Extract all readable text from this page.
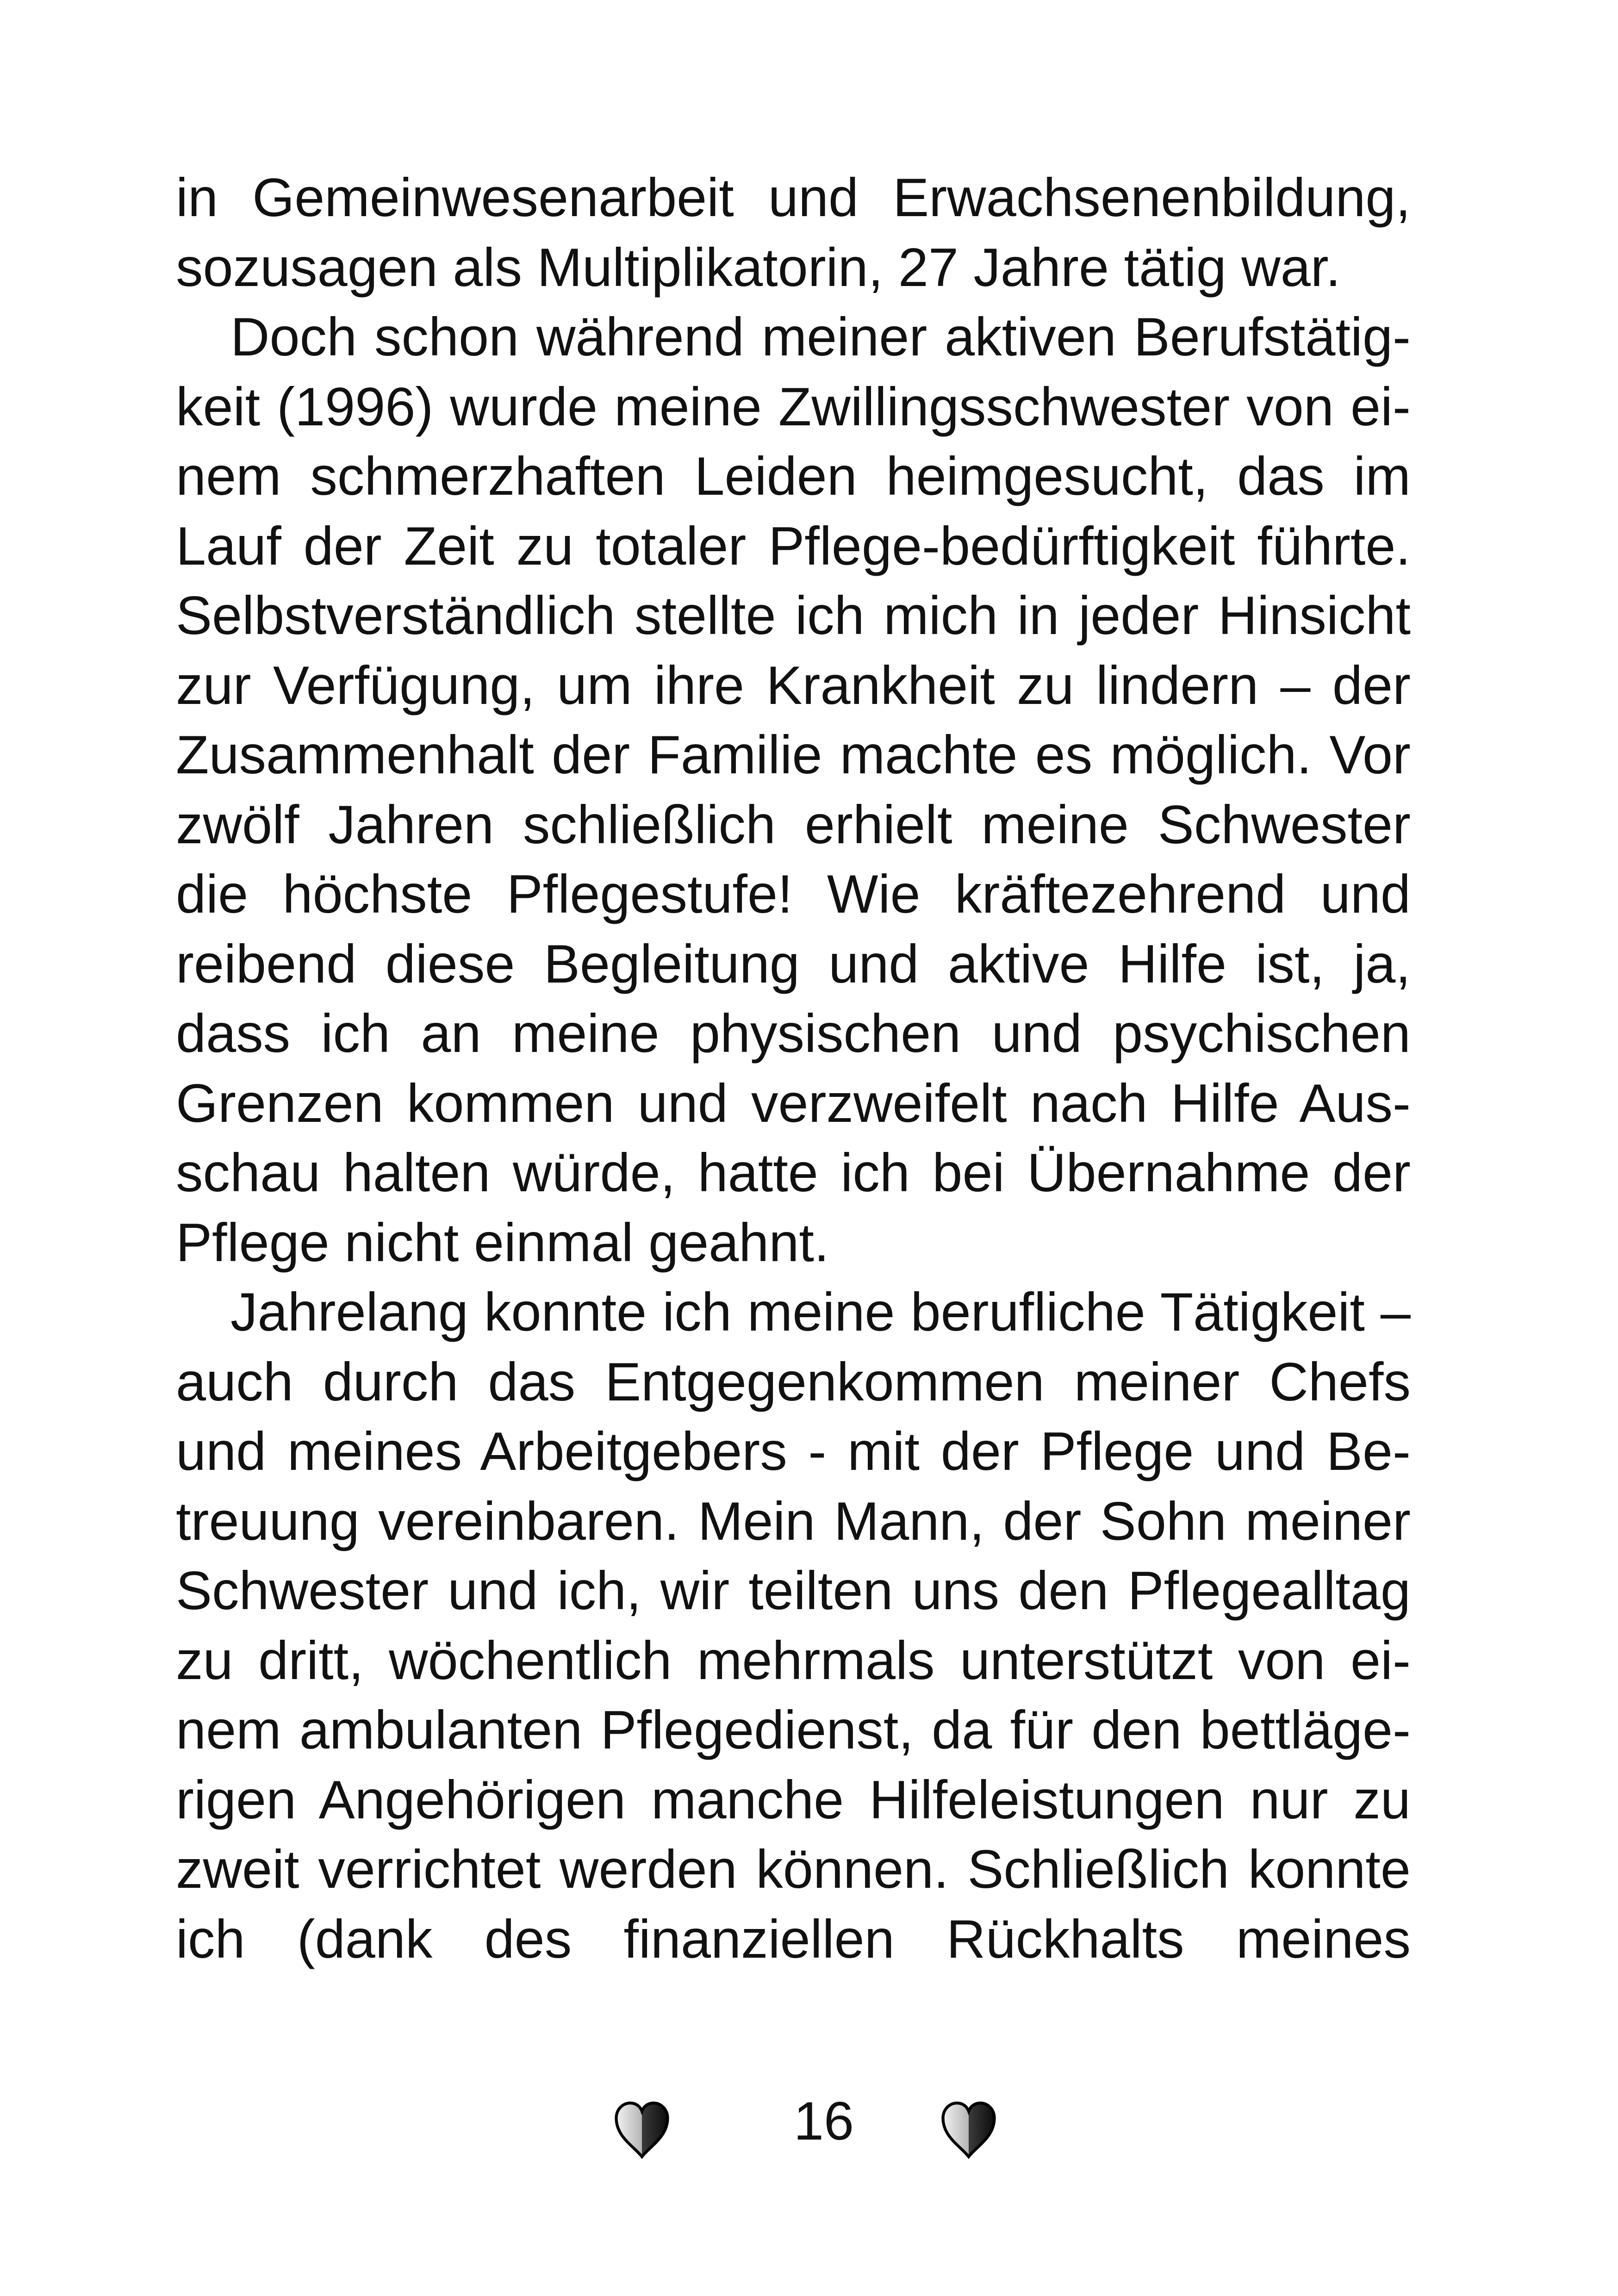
in Gemeinwesenarbeit und Erwachsenenbildung,
sozusagen als Multiplikatorin, 27 Jahre tätig war.
Doch schon während meiner aktiven Berufstätig-
keit (1996) wurde meine Zwillingsschwester von ei-
nem schmerzhaften Leiden heimgesucht, das im
Lauf der Zeit zu totaler Pflege-bedürftigkeit führte.
Selbstverständlich stellte ich mich in jeder Hinsicht
zur Verfügung, um ihre Krankheit zu lindern – der
Zusammenhalt der Familie machte es möglich. Vor
zwölf Jahren schließlich erhielt meine Schwester
die höchste Pflegestufe! Wie kräftezehrend und
reibend diese Begleitung und aktive Hilfe ist, ja,
dass ich an meine physischen und psychischen
Grenzen kommen und verzweifelt nach Hilfe Aus-
schau halten würde, hatte ich bei Übernahme der
Pflege nicht einmal geahnt.
Jahrelang konnte ich meine berufliche Tätigkeit –
auch durch das Entgegenkommen meiner Chefs
und meines Arbeitgebers - mit der Pflege und Be-
treuung vereinbaren. Mein Mann, der Sohn meiner
Schwester und ich, wir teilten uns den Pflegealltag
zu dritt, wöchentlich mehrmals unterstützt von ei-
nem ambulanten Pflegedienst, da für den bettläge-
rigen Angehörigen manche Hilfeleistungen nur zu
zweit verrichtet werden können. Schließlich konnte
ich (dank des finanziellen Rückhalts meines
16
